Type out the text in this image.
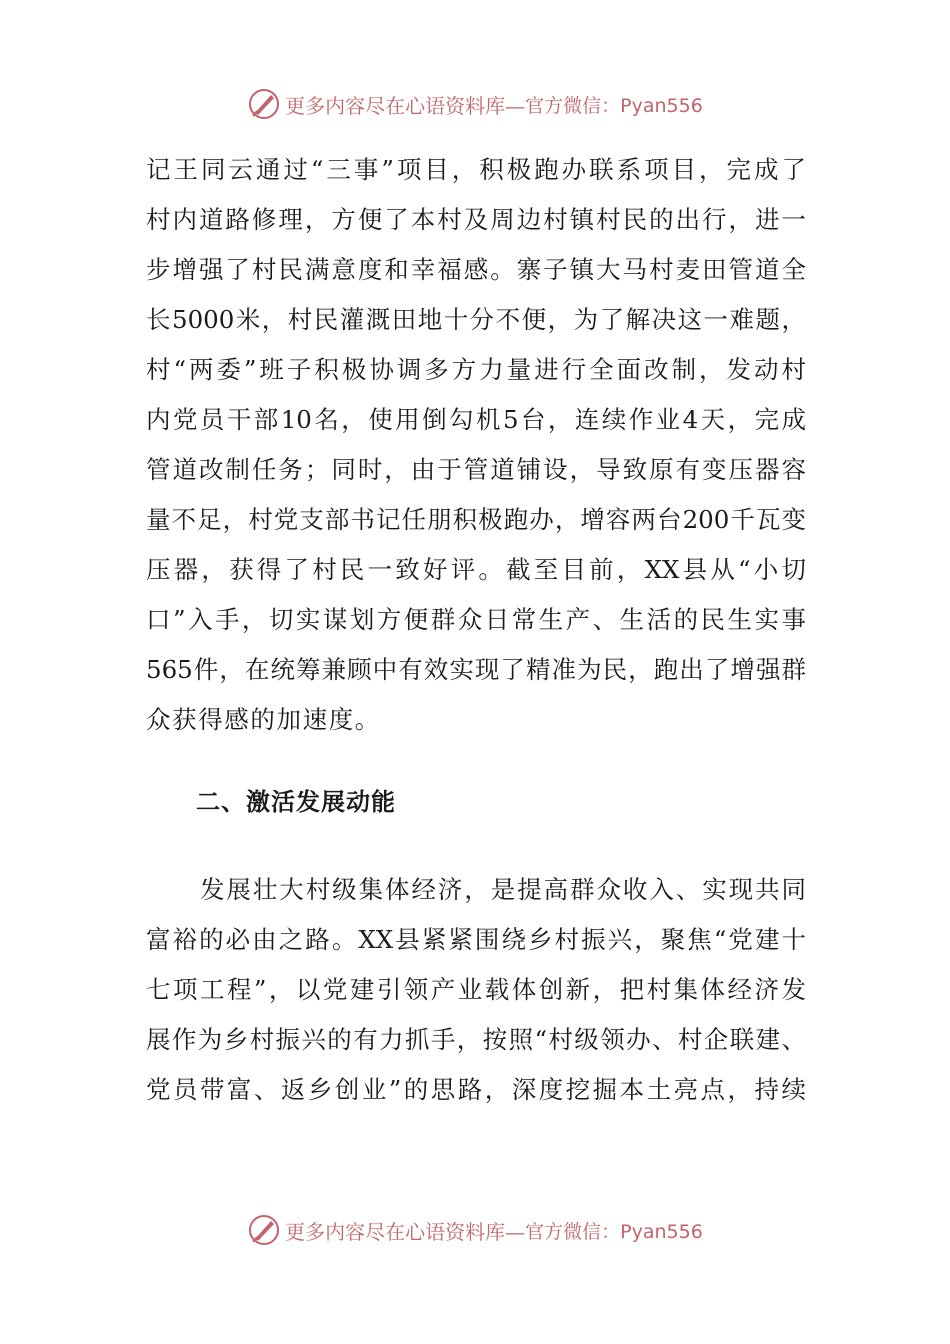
更多内容尽在心语资料库— 官方微信：Pyan556
记王同云通过“三事”项目，积极跑办联系项目，完成了
村内道路修理，方便了本村及周边村镇村民的出行，进一
步增强了村民满意度和幸福感。寨子镇大马村麦田管道全
长5000米，村民灌溉田地十分不便，为了解决这一难题，
村“两委”班子积极协调多方力量进行全面改制，发动村
内党员干部10名，使用倒勾机5台，连续作业4天，完成
管道改制任务；同时，由于管道铺设，导致原有变压器容
量不足，村党支部书记任朋积极跑办，增容两台200千瓦变
压器，获得了村民一致好评。截至目前，XX县从“小切
口”入手，切实谋划方便群众日常生产、生活的民生实事
565件，在统筹兼顾中有效实现了精准为民，跑出了增强群
众获得感的加速度。
二、激活发展动能
发展壮大村级集体经济，是提高群众收入、实现共同
富裕的必由之路。XX县紧紧围绕乡村振兴，聚焦“党建十
七项工程”，以党建引领产业载体创新，把村集体经济发
展作为乡村振兴的有力抓手，按照“村级领办、村企联建、
党员带富、返乡创业”的思路，深度挖掘本土亮点，持续
更多内容尽在心语资料库— 官方微信：Pyan556
